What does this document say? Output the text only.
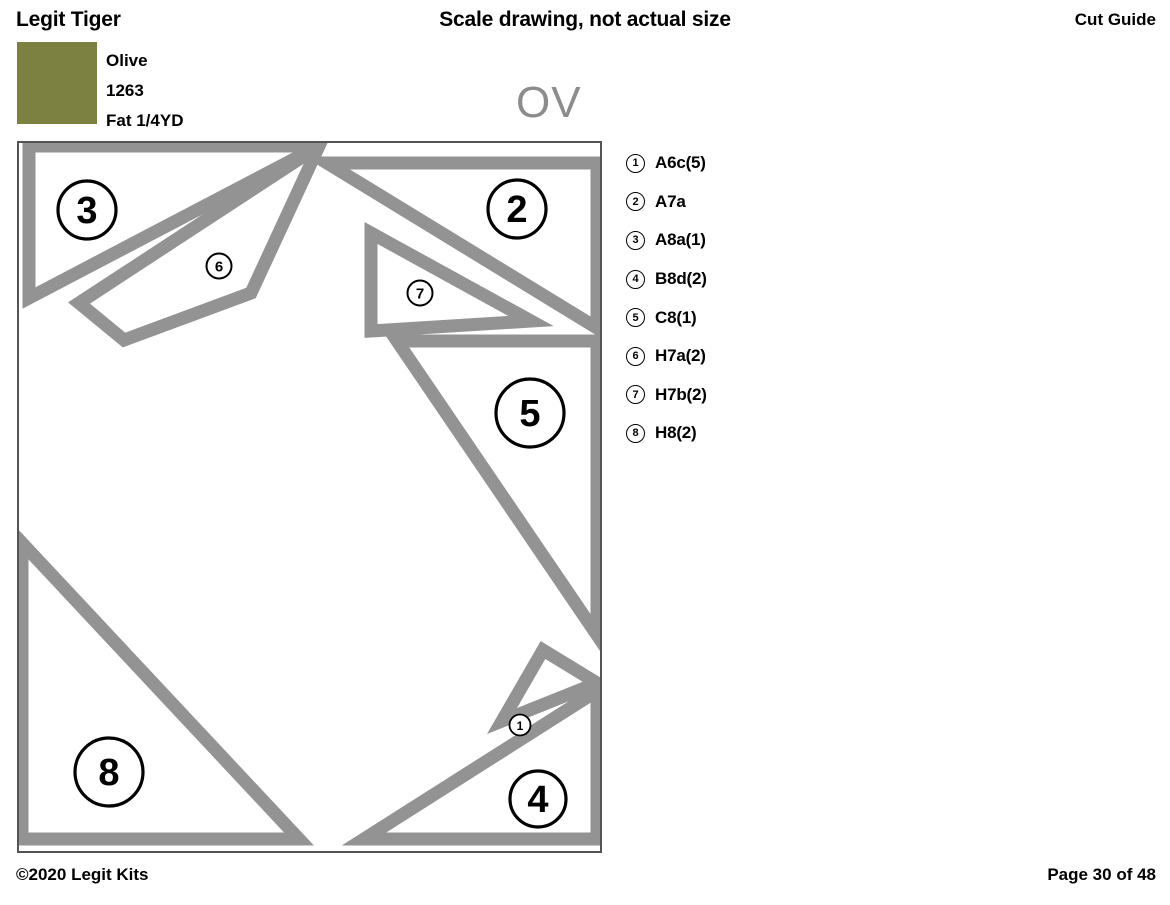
Legit Tiger	Scale drawing, not actual size	Cut Guide
Olive
1263
Fat 1/4YD	OV
3	2
5
8
4
6
7
1
1 A6c(5)
2 A7a
3 A8a(1)
4 B8d(2)
5 C8(1)
6 H7a(2)
7 H7b(2)
8 H8(2)
©2020 Legit Kits	Page 30 of 48
